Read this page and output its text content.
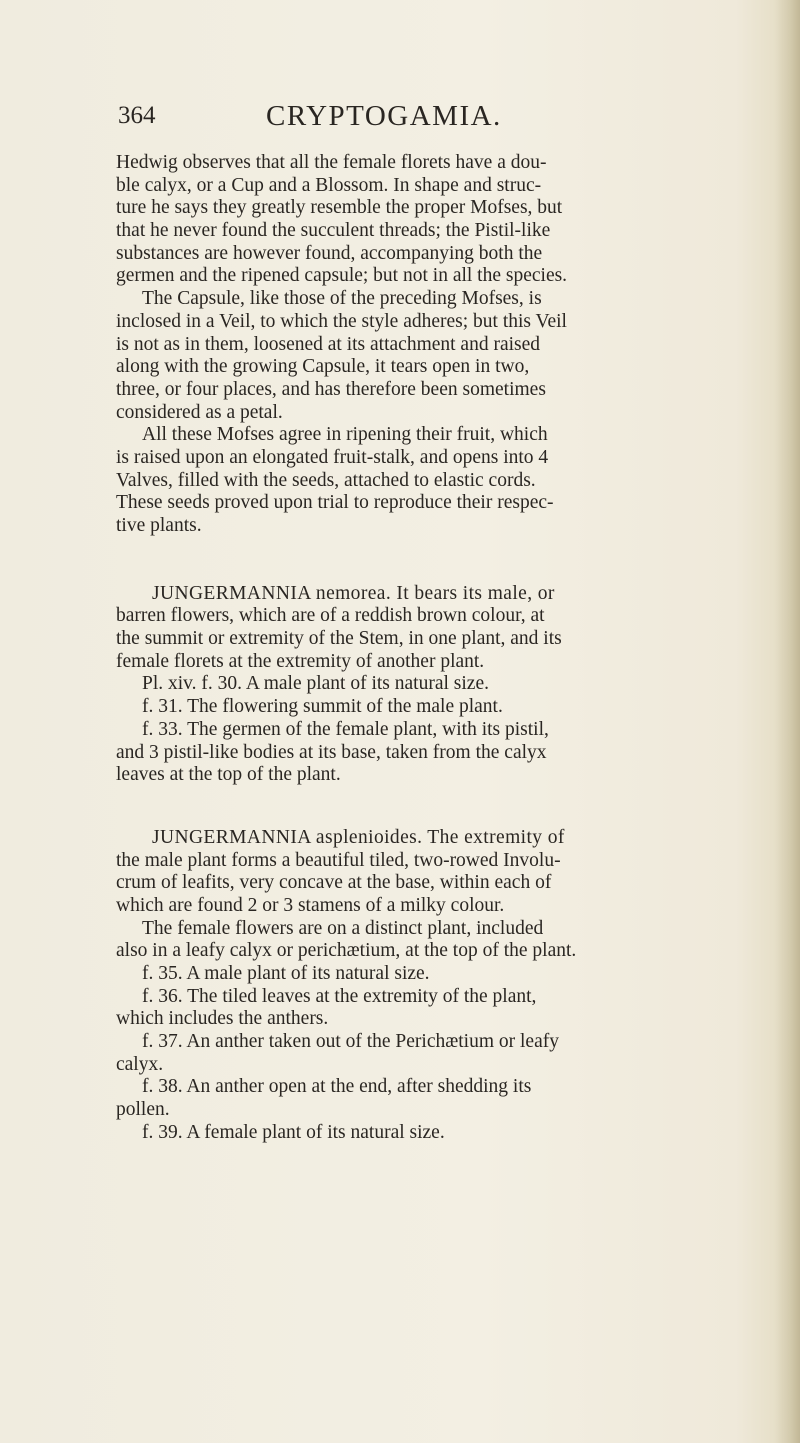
364	CRYPTOGAMIA.
Hedwig observes that all the female florets have a dou-
ble calyx, or a Cup and a Blossom. In shape and struc-
ture he says they greatly resemble the proper Mofses, but
that he never found the succulent threads; the Pistil-like
substances are however found, accompanying both the
germen and the ripened capsule; but not in all the species.
The Capsule, like those of the preceding Mofses, is
inclosed in a Veil, to which the style adheres; but this Veil
is not as in them, loosened at its attachment and raised
along with the growing Capsule, it tears open in two,
three, or four places, and has therefore been sometimes
considered as a petal.
All these Mofses agree in ripening their fruit, which
is raised upon an elongated fruit-stalk, and opens into 4
Valves, filled with the seeds, attached to elastic cords.
These seeds proved upon trial to reproduce their respec-
tive plants.
JUNGERMANNIA nemorea. It bears its male, or
barren flowers, which are of a reddish brown colour, at
the summit or extremity of the Stem, in one plant, and its
female florets at the extremity of another plant.
Pl. xiv. f. 30. A male plant of its natural size.
f. 31. The flowering summit of the male plant.
f. 33. The germen of the female plant, with its pistil,
and 3 pistil-like bodies at its base, taken from the calyx
leaves at the top of the plant.
JUNGERMANNIA asplenioides. The extremity of
the male plant forms a beautiful tiled, two-rowed Involu-
crum of leafits, very concave at the base, within each of
which are found 2 or 3 stamens of a milky colour.
The female flowers are on a distinct plant, included
also in a leafy calyx or perichætium, at the top of the plant.
f. 35. A male plant of its natural size.
f. 36. The tiled leaves at the extremity of the plant,
which includes the anthers.
f. 37. An anther taken out of the Perichætium or leafy
calyx.
f. 38. An anther open at the end, after shedding its
pollen.
f. 39. A female plant of its natural size.
